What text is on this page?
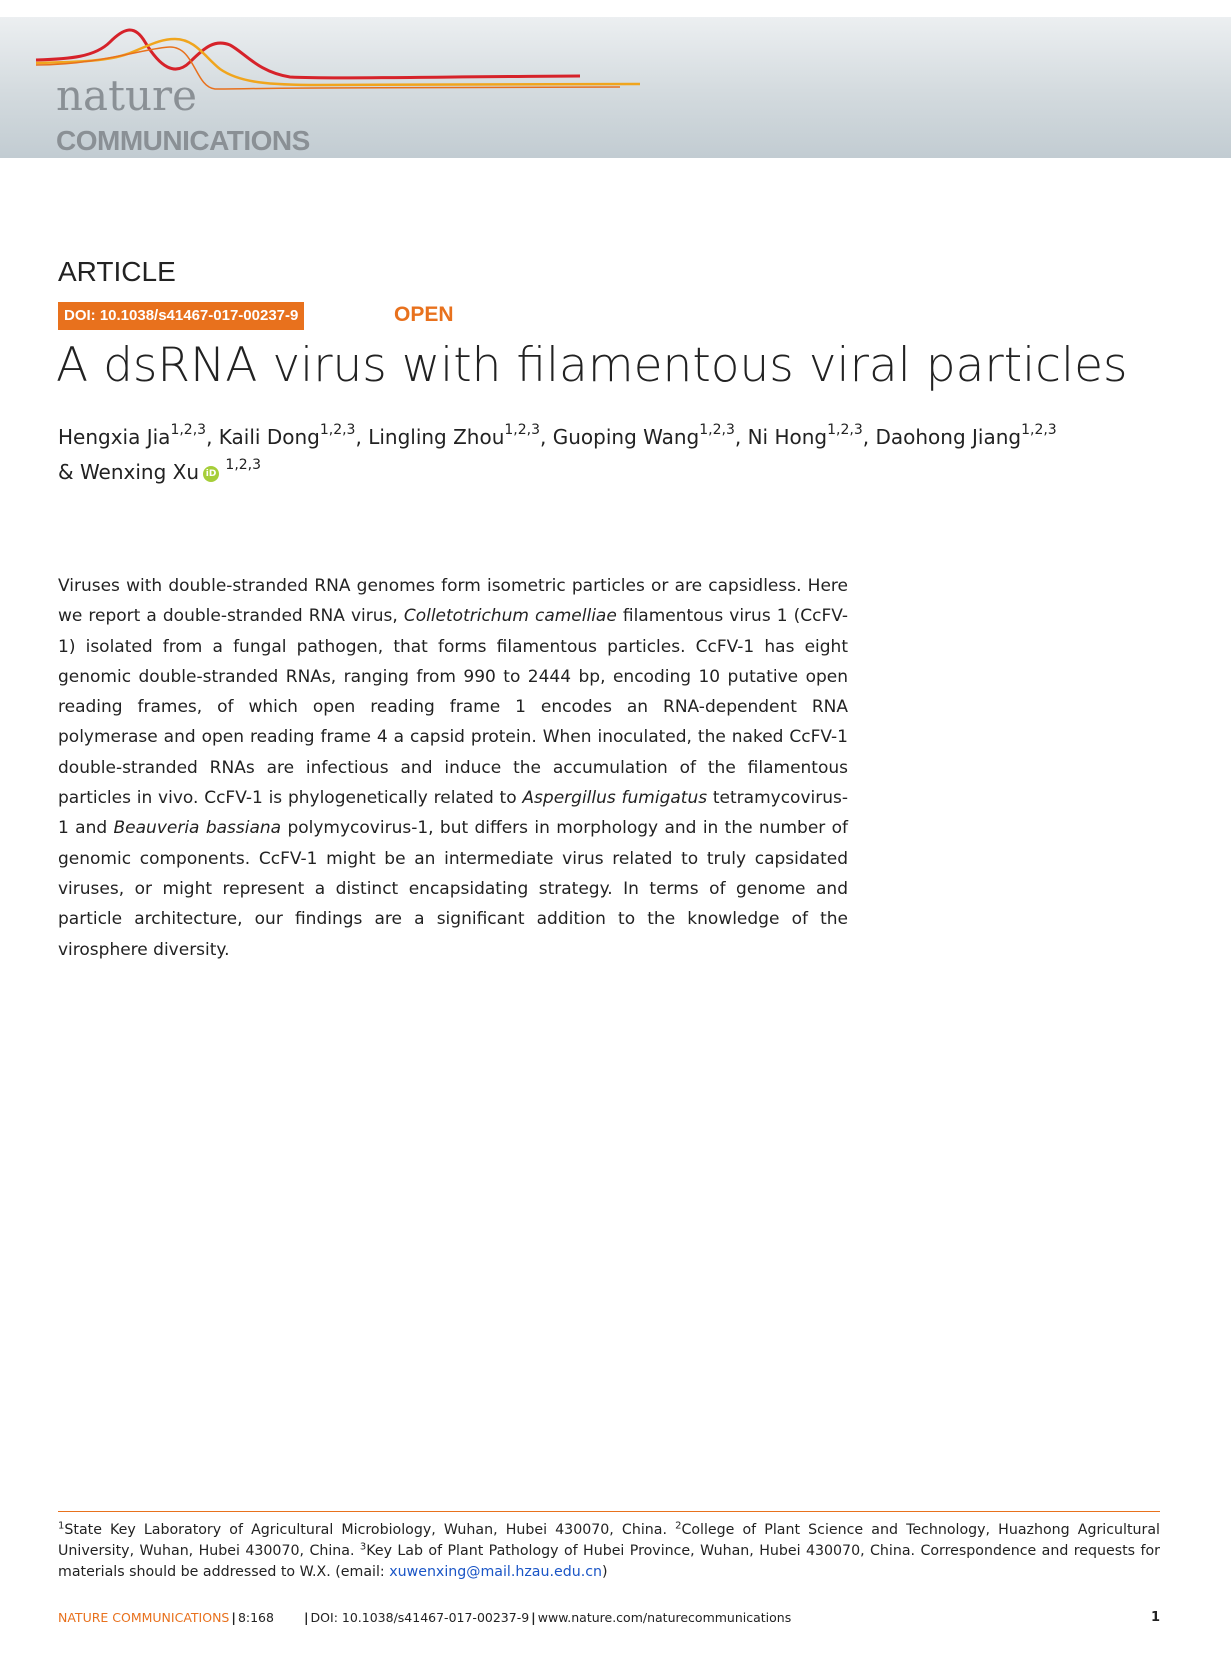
nature
COMMUNICATIONS
ARTICLE
DOI: 10.1038/s41467-017-00237-9	OPEN
A dsRNA virus with filamentous viral particles
Hengxia Jia$^{1,2,3}$, Kaili Dong$^{1,2,3}$, Lingling Zhou$^{1,2,3}$, Guoping Wang$^{1,2,3}$, Ni Hong$^{1,2,3}$, Daohong Jiang$^{1,2,3}$
& Wenxing Xu iD $^{1,2,3}$

Viruses with double-stranded RNA genomes form isometric particles or are capsidless. Here we report a double-stranded RNA virus, Colletotrichum camelliae filamentous virus 1 (CcFV-1) isolated from a fungal pathogen, that forms filamentous particles. CcFV-1 has eight genomic double-stranded RNAs, ranging from 990 to 2444 bp, encoding 10 putative open reading frames, of which open reading frame 1 encodes an RNA-dependent RNA polymerase and open reading frame 4 a capsid protein. When inoculated, the naked CcFV-1 double-stranded RNAs are infectious and induce the accumulation of the filamentous particles in vivo. CcFV-1 is phylogenetically related to Aspergillus fumigatus tetramycovirus-1 and Beauveria bassiana polymycovirus-1, but differs in morphology and in the number of genomic components. CcFV-1 might be an intermediate virus related to truly capsidated viruses, or might represent a distinct encapsidating strategy. In terms of genome and particle architecture, our findings are a significant addition to the knowledge of the virosphere diversity.

$^1$State Key Laboratory of Agricultural Microbiology, Wuhan, Hubei 430070, China. $^2$College of Plant Science and Technology, Huazhong Agricultural University, Wuhan, Hubei 430070, China. $^3$Key Lab of Plant Pathology of Hubei Province, Wuhan, Hubei 430070, China. Correspondence and requests for materials should be addressed to W.X. (email: xuwenxing@mail.hzau.edu.cn)

NATURE COMMUNICATIONS | 8:168 | DOI: 10.1038/s41467-017-00237-9 | www.nature.com/naturecommunications	1
